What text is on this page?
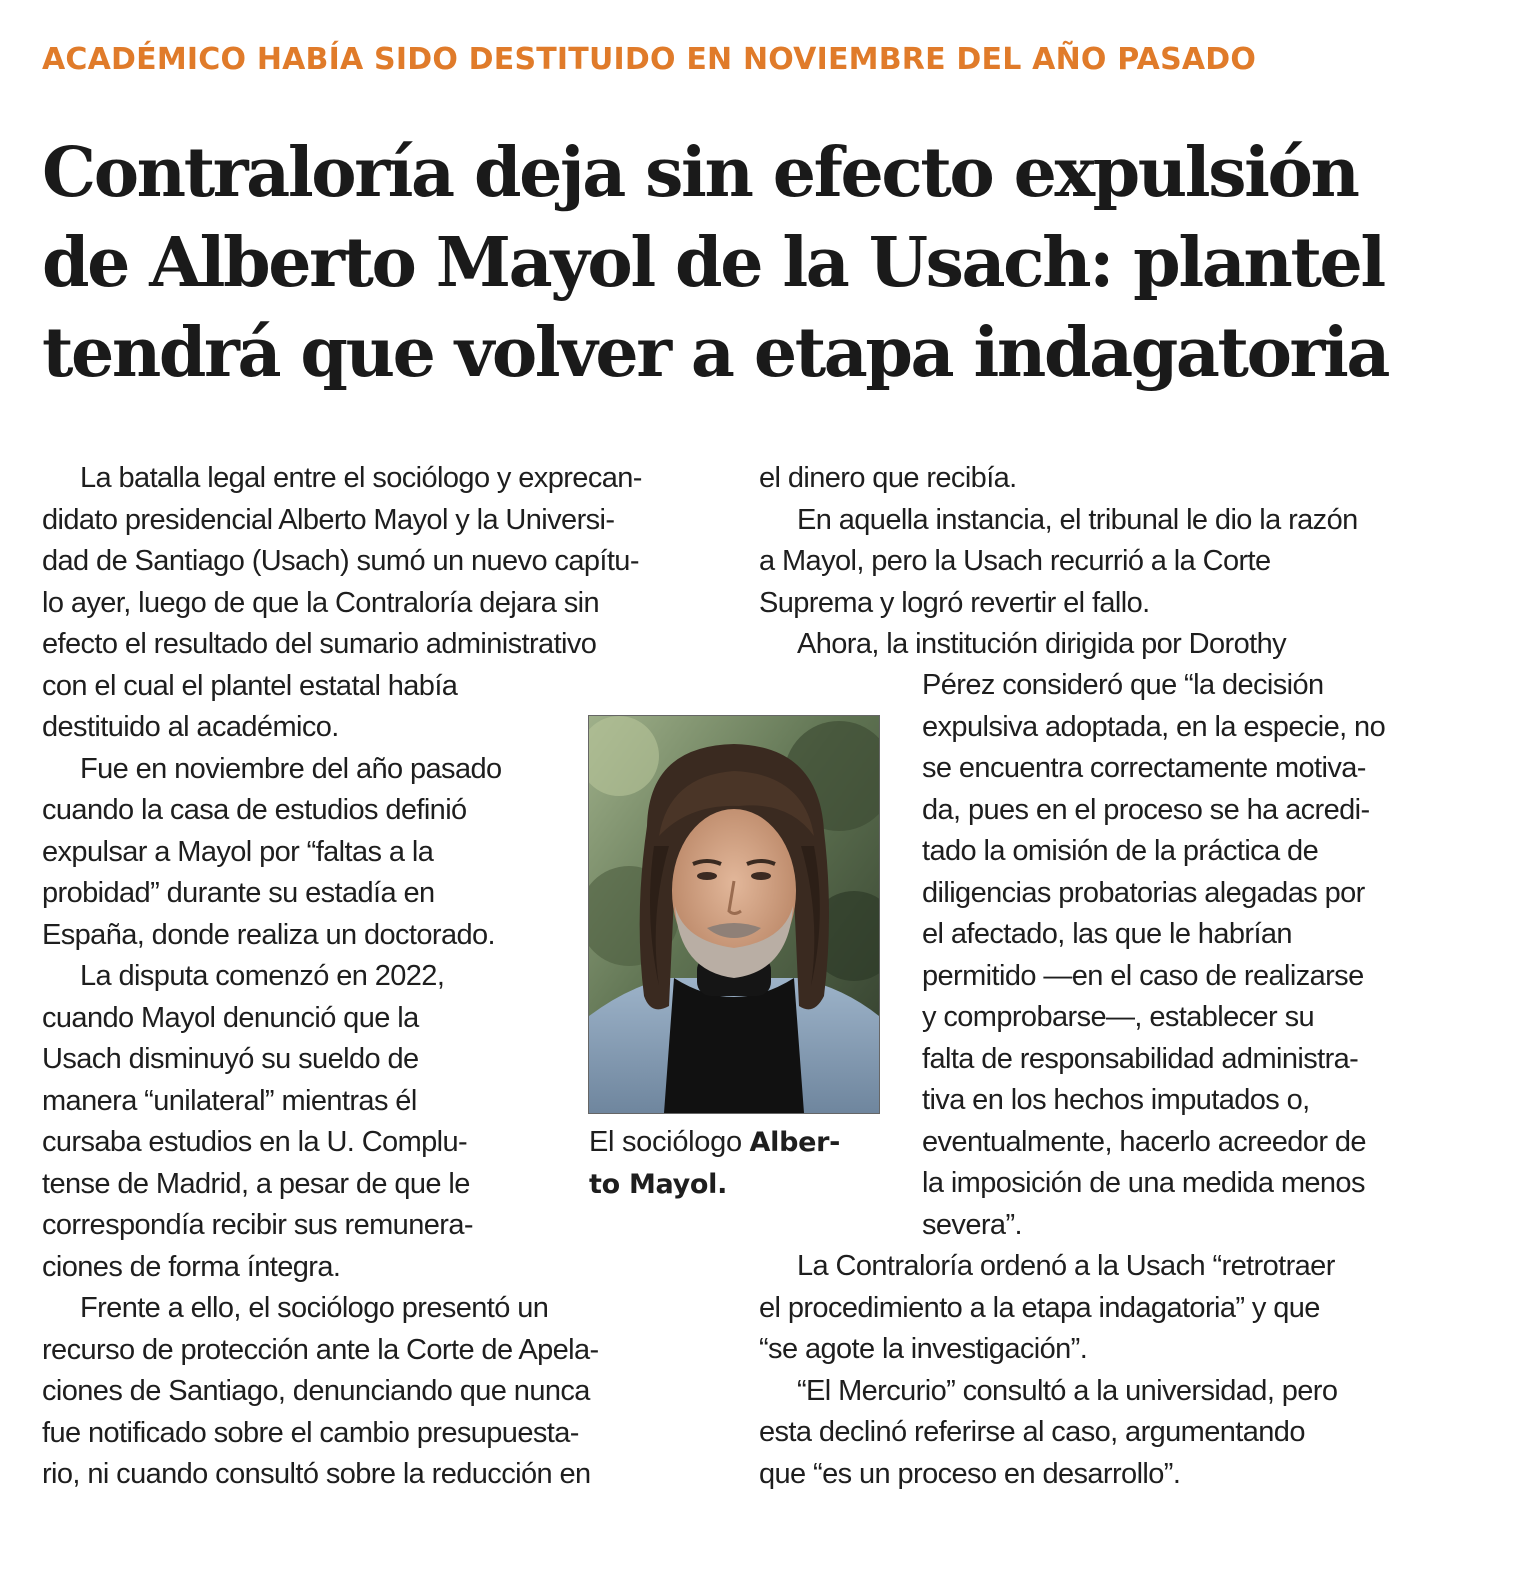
ACADÉMICO HABÍA SIDO DESTITUIDO EN NOVIEMBRE DEL AÑO PASADO
Contraloría deja sin efecto expulsión
de Alberto Mayol de la Usach: plantel
tendrá que volver a etapa indagatoria
La batalla legal entre el sociólogo y exprecan-
didato presidencial Alberto Mayol y la Universi-
dad de Santiago (Usach) sumó un nuevo capítu-
lo ayer, luego de que la Contraloría dejara sin
efecto el resultado del sumario administrativo
con el cual el plantel estatal había
destituido al académico.
Fue en noviembre del año pasado
cuando la casa de estudios definió
expulsar a Mayol por “faltas a la
probidad” durante su estadía en
España, donde realiza un doctorado.
La disputa comenzó en 2022,
cuando Mayol denunció que la
Usach disminuyó su sueldo de
manera “unilateral” mientras él
cursaba estudios en la U. Complu-
tense de Madrid, a pesar de que le
correspondía recibir sus remunera-
ciones de forma íntegra.
Frente a ello, el sociólogo presentó un
recurso de protección ante la Corte de Apela-
ciones de Santiago, denunciando que nunca
fue notificado sobre el cambio presupuesta-
rio, ni cuando consultó sobre la reducción en
el dinero que recibía.
En aquella instancia, el tribunal le dio la razón
a Mayol, pero la Usach recurrió a la Corte
Suprema y logró revertir el fallo.
Ahora, la institución dirigida por Dorothy
Pérez consideró que “la decisión
expulsiva adoptada, en la especie, no
se encuentra correctamente motiva-
da, pues en el proceso se ha acredi-
tado la omisión de la práctica de
diligencias probatorias alegadas por
el afectado, las que le habrían
permitido —en el caso de realizarse
y comprobarse—, establecer su
falta de responsabilidad administra-
tiva en los hechos imputados o,
eventualmente, hacerlo acreedor de
la imposición de una medida menos
severa”.
La Contraloría ordenó a la Usach “retrotraer
el procedimiento a la etapa indagatoria” y que
“se agote la investigación”.
“El Mercurio” consultó a la universidad, pero
esta declinó referirse al caso, argumentando
que “es un proceso en desarrollo”.
El sociólogo Alber-
to Mayol.
